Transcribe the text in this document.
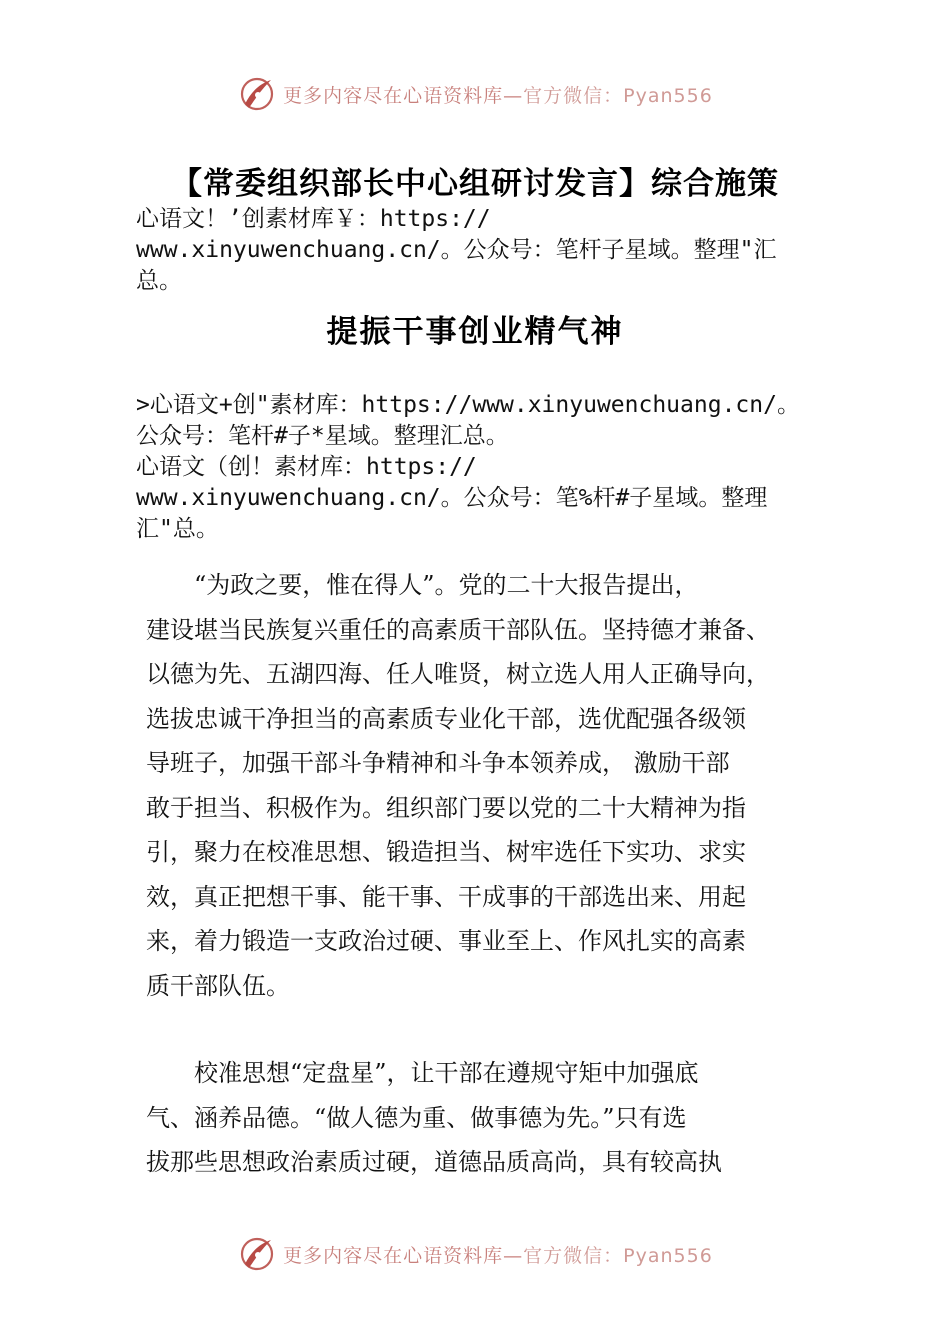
更多内容尽在心语资料库—官方微信：Pyan556
【常委组织部长中心组研讨发言】综合施策
心语文！’创素材库￥：https://
www.xinyuwenchuang.cn/。公众号：笔杆子星域。整理"汇
总。
提振干事创业精气神
>心语文+创"素材库：https://www.xinyuwenchuang.cn/。
公众号：笔杆#子*星域。整理汇总。
心语文（创！素材库：https://
www.xinyuwenchuang.cn/。公众号：笔%杆#子星域。整理
汇"总。
　　“为政之要，惟在得人”。党的二十大报告提出，
建设堪当民族复兴重任的高素质干部队伍。坚持德才兼备、
以德为先、五湖四海、任人唯贤，树立选人用人正确导向，
选拔忠诚干净担当的高素质专业化干部，选优配强各级领
导班子，加强干部斗争精神和斗争本领养成， 激励干部
敢于担当、积极作为。组织部门要以党的二十大精神为指
引，聚力在校准思想、锻造担当、树牢选任下实功、求实
效，真正把想干事、能干事、干成事的干部选出来、用起
来，着力锻造一支政治过硬、事业至上、作风扎实的高素
质干部队伍。
　　校准思想“定盘星”，让干部在遵规守矩中加强底
气、涵养品德。“做人德为重、做事德为先。”只有选
拔那些思想政治素质过硬，道德品质高尚，具有较高执
更多内容尽在心语资料库—官方微信：Pyan556
